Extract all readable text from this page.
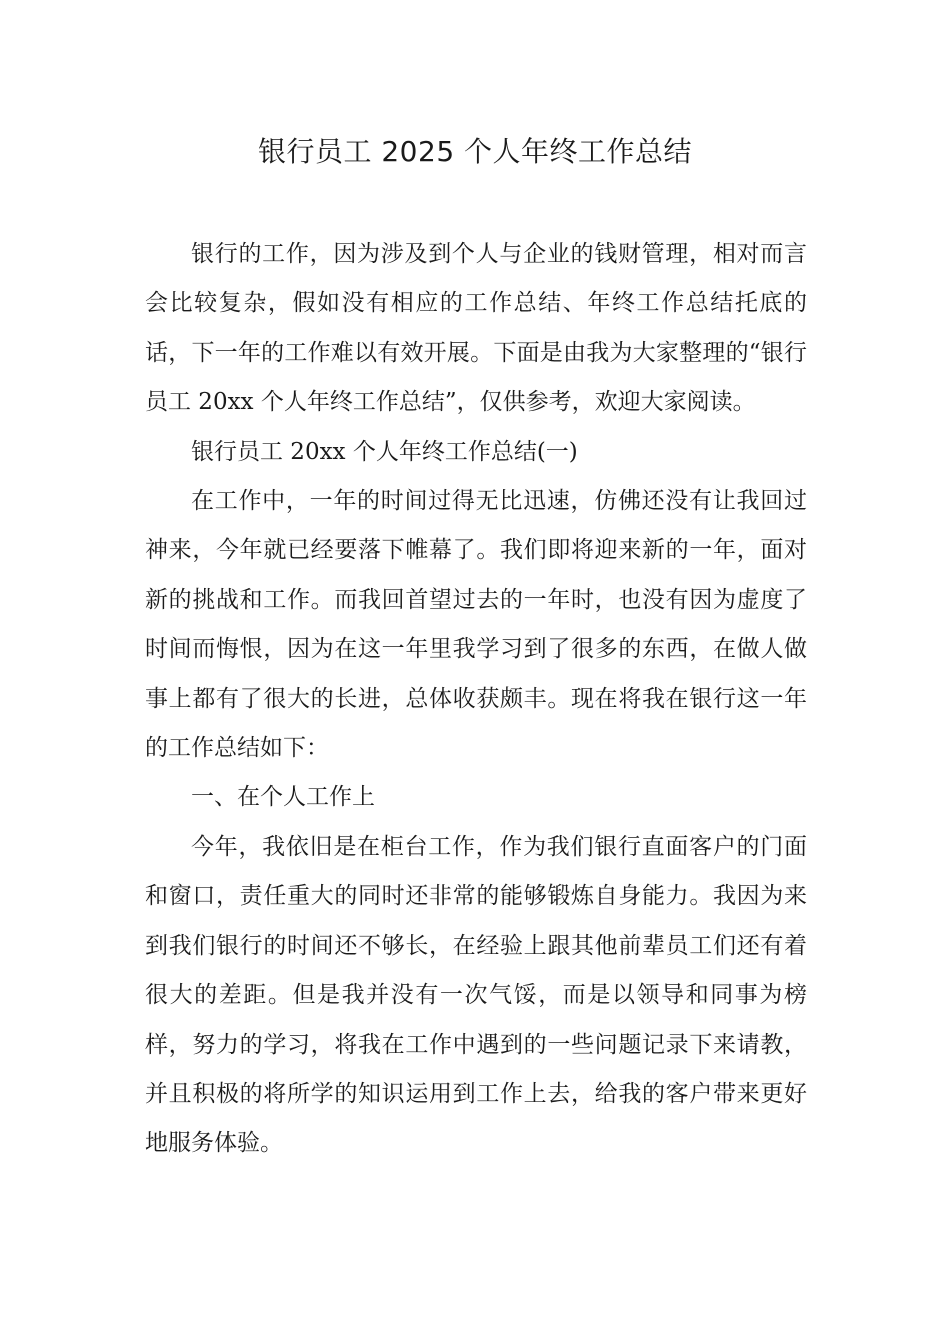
银行员工 2025 个人年终工作总结

银行的工作，因为涉及到个人与企业的钱财管理，相对而言会比较复杂，假如没有相应的工作总结、年终工作总结托底的话，下一年的工作难以有效开展。下面是由我为大家整理的“银行员工 20xx 个人年终工作总结”，仅供参考，欢迎大家阅读。

银行员工 20xx 个人年终工作总结(一)

在工作中，一年的时间过得无比迅速，仿佛还没有让我回过神来，今年就已经要落下帷幕了。我们即将迎来新的一年，面对新的挑战和工作。而我回首望过去的一年时，也没有因为虚度了时间而悔恨，因为在这一年里我学习到了很多的东西，在做人做事上都有了很大的长进，总体收获颇丰。现在将我在银行这一年的工作总结如下：

一、在个人工作上

今年，我依旧是在柜台工作，作为我们银行直面客户的门面和窗口，责任重大的同时还非常的能够锻炼自身能力。我因为来到我们银行的时间还不够长，在经验上跟其他前辈员工们还有着很大的差距。但是我并没有一次气馁，而是以领导和同事为榜样，努力的学习，将我在工作中遇到的一些问题记录下来请教，并且积极的将所学的知识运用到工作上去，给我的客户带来更好地服务体验。
